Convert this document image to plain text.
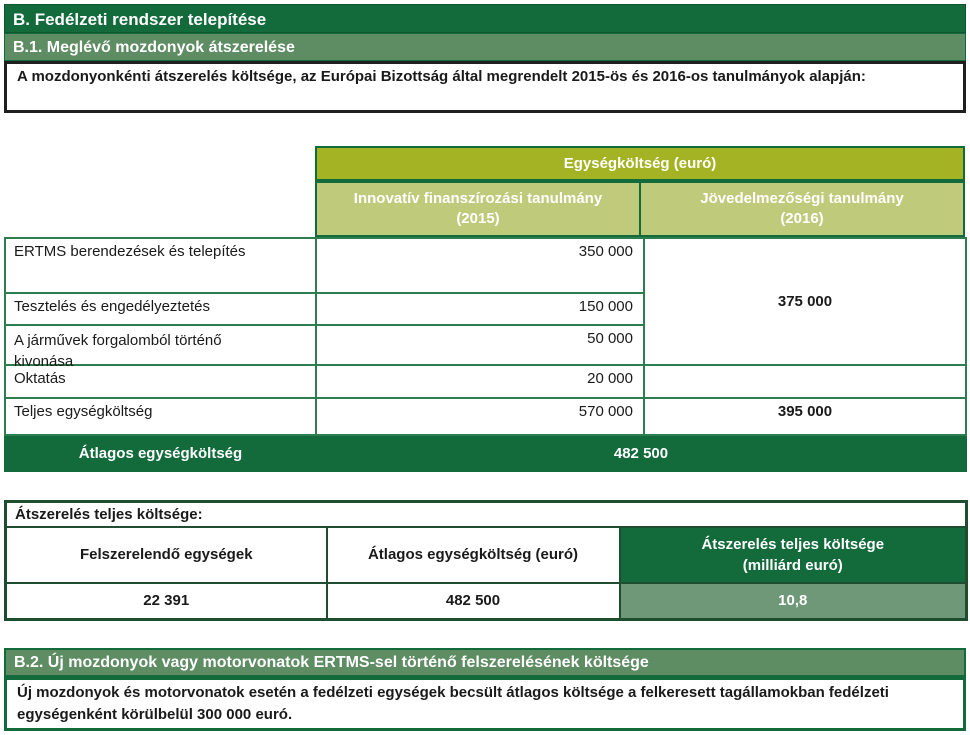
B. Fedélzeti rendszer telepítése
B.1. Meglévő mozdonyok átszerelése
A mozdonyonkénti átszerelés költsége, az Európai Bizottság által megrendelt 2015-ös és 2016-os tanulmányok alapján:
Egységköltség (euró)
Innovatív finanszírozási tanulmány
(2015)
Jövedelmezőségi tanulmány
(2016)
ERTMS berendezések és telepítés	350 000	375 000
Tesztelés és engedélyeztetés	150 000	

A járművek forgalomból történő
kivonása	50 000	
Oktatás	20 000	
Teljes egységköltség	570 000	395 000
Átlagos egységköltség	482 500	
Átszerelés teljes költsége:		
Felszerelendő egységek	Átlagos egységköltség (euró)	Átszerelés teljes költsége
(milliárd euró)

22 391	482 500	10,8
B.2. Új mozdonyok vagy motorvonatok ERTMS-sel történő felszerelésének költsége
Új mozdonyok és motorvonatok esetén a fedélzeti egységek becsült átlagos költsége a felkeresett tagállamokban fedélzeti egységenként körülbelül 300 000 euró.
